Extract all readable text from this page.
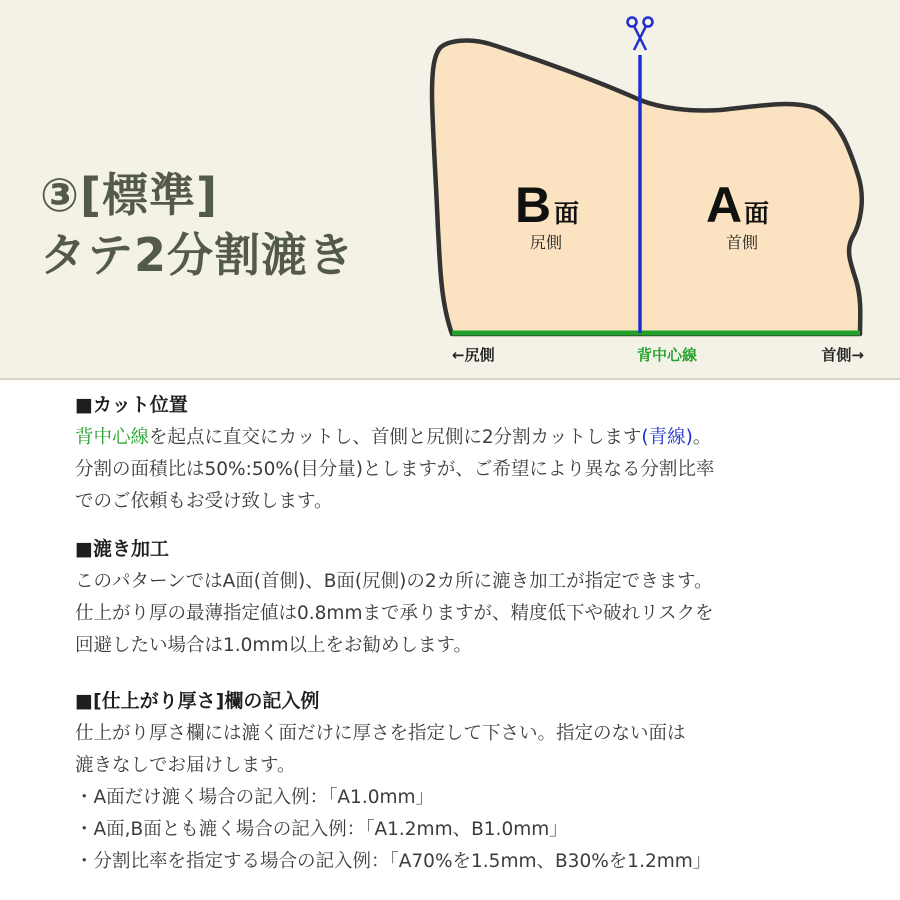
③[標準]
タテ2分割漉き
B 面
尻側
A 面
首側
←尻側	背中心線	首側→
■カット位置

背中心線を起点に直交にカットし、首側と尻側に2分割カットします(青線)。

分割の面積比は50%:50%(目分量)としますが、ご希望により異なる分割比率

でのご依頼もお受け致します。

■漉き加工

このパターンではA面(首側)、B面(尻側)の2カ所に漉き加工が指定できます。

仕上がり厚の最薄指定値は0.8mmまで承りますが、精度低下や破れリスクを

回避したい場合は1.0mm以上をお勧めします。

■[仕上がり厚さ]欄の記入例

仕上がり厚さ欄には漉く面だけに厚さを指定して下さい。指定のない面は

漉きなしでお届けします。

・A面だけ漉く場合の記入例：「A1.0mm」

・A面,B面とも漉く場合の記入例：「A1.2mm、B1.0mm」

・分割比率を指定する場合の記入例：「A70%を1.5mm、B30%を1.2mm」
